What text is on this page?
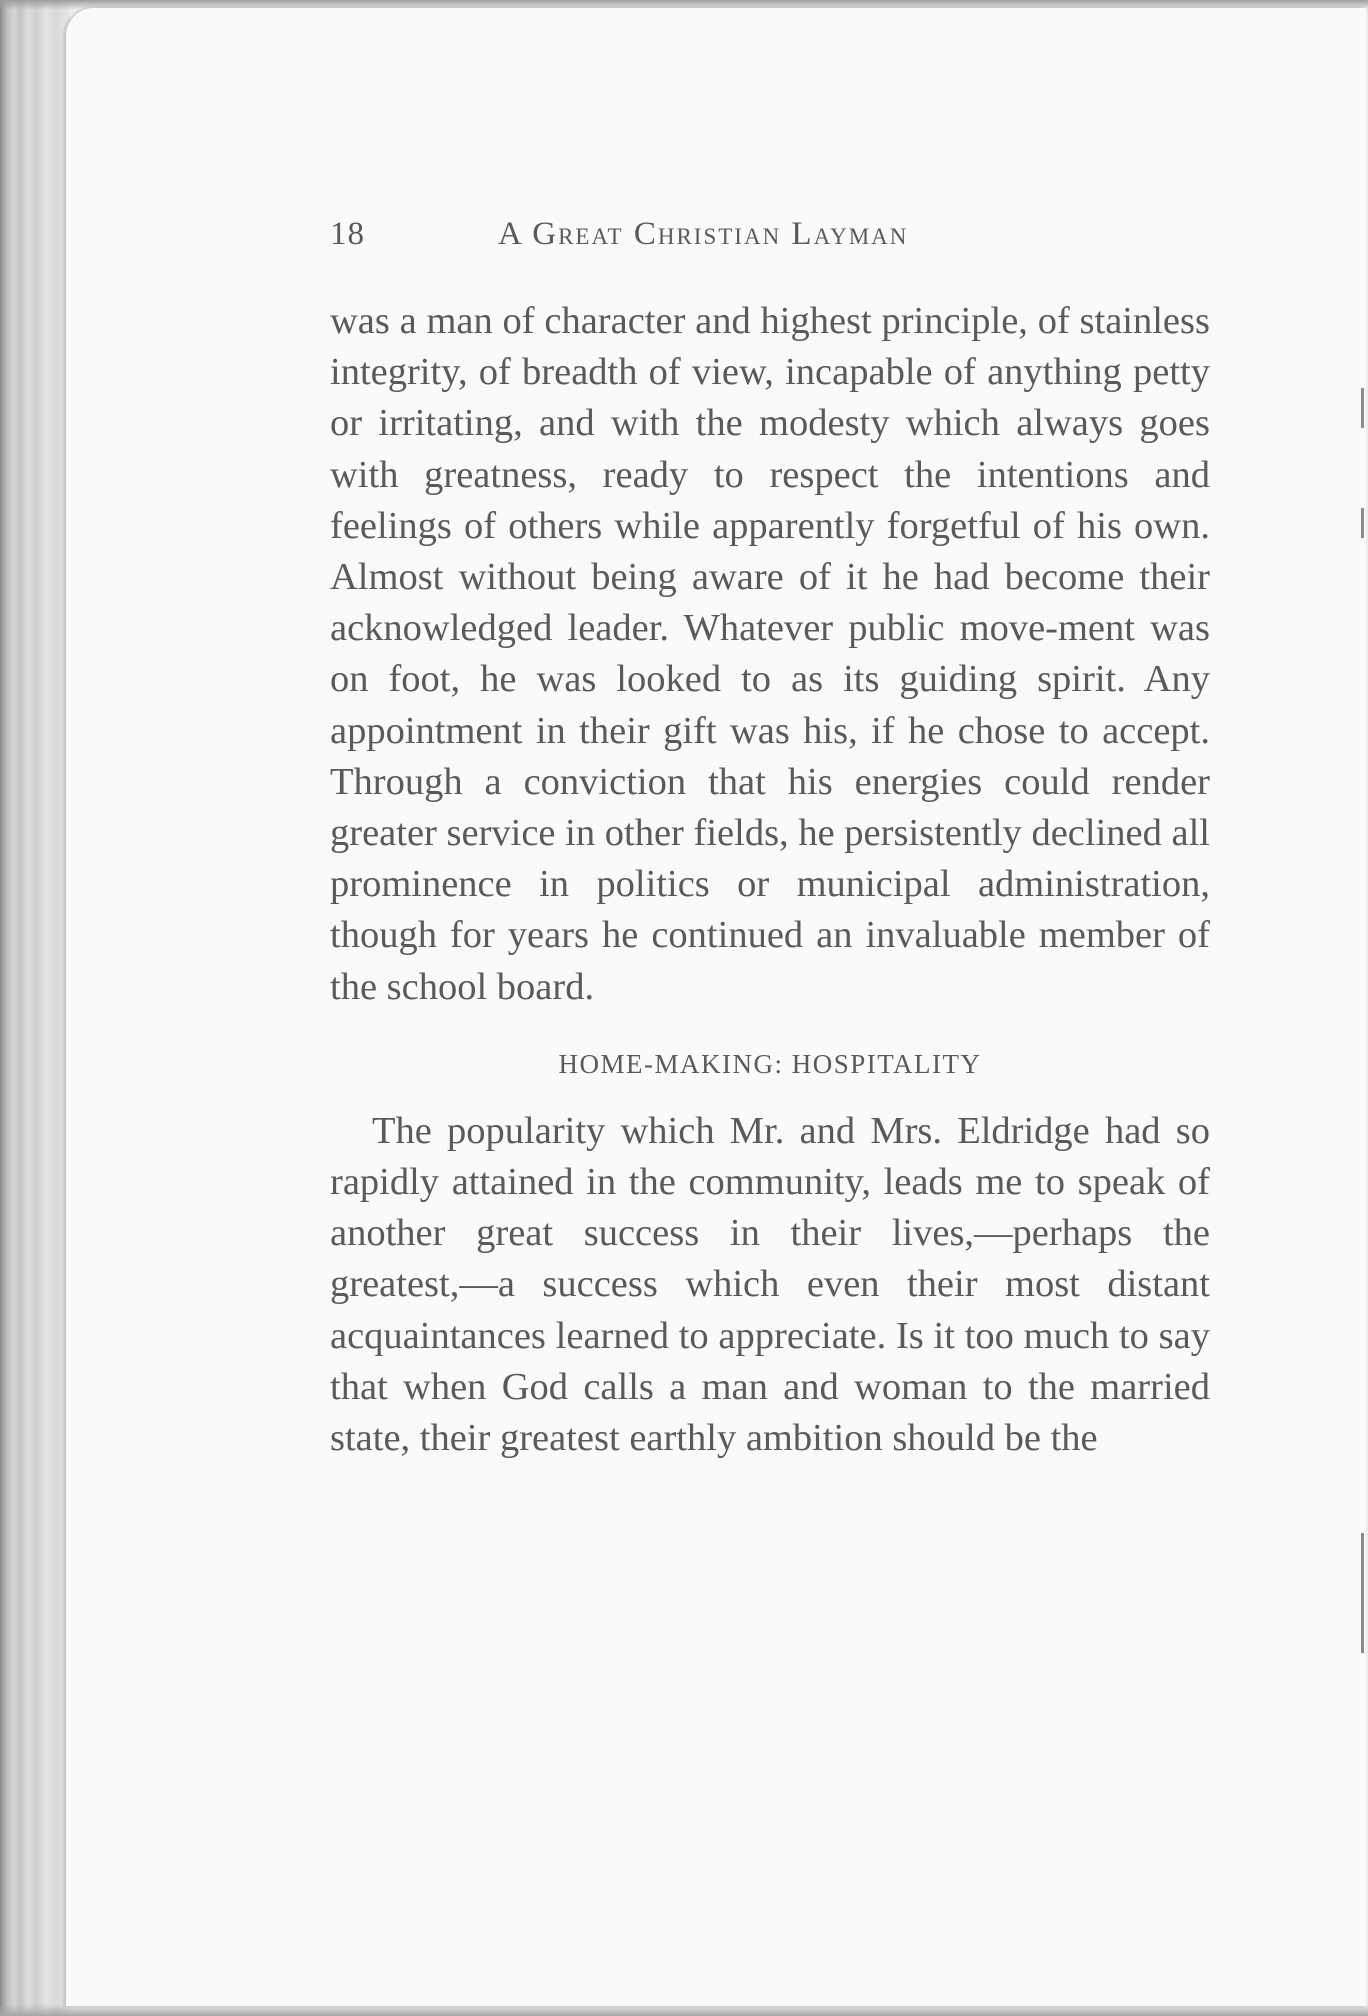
18	A Great Christian Layman

was a man of character and highest principle, of stainless integrity, of breadth of view, incapable of anything petty or irritating, and with the modesty which always goes with greatness, ready to respect the intentions and feelings of others while apparently forgetful of his own. Almost without being aware of it he had become their acknowledged leader. Whatever public move-ment was on foot, he was looked to as its guiding spirit. Any appointment in their gift was his, if he chose to accept. Through a conviction that his energies could render greater service in other fields, he persistently declined all prominence in politics or municipal administration, though for years he continued an invaluable member of the school board.

HOME-MAKING: HOSPITALITY

The popularity which Mr. and Mrs. Eldridge had so rapidly attained in the community, leads me to speak of another great success in their lives,—perhaps the greatest,—a success which even their most distant acquaintances learned to appreciate. Is it too much to say that when God calls a man and woman to the married state, their greatest earthly ambition should be the
